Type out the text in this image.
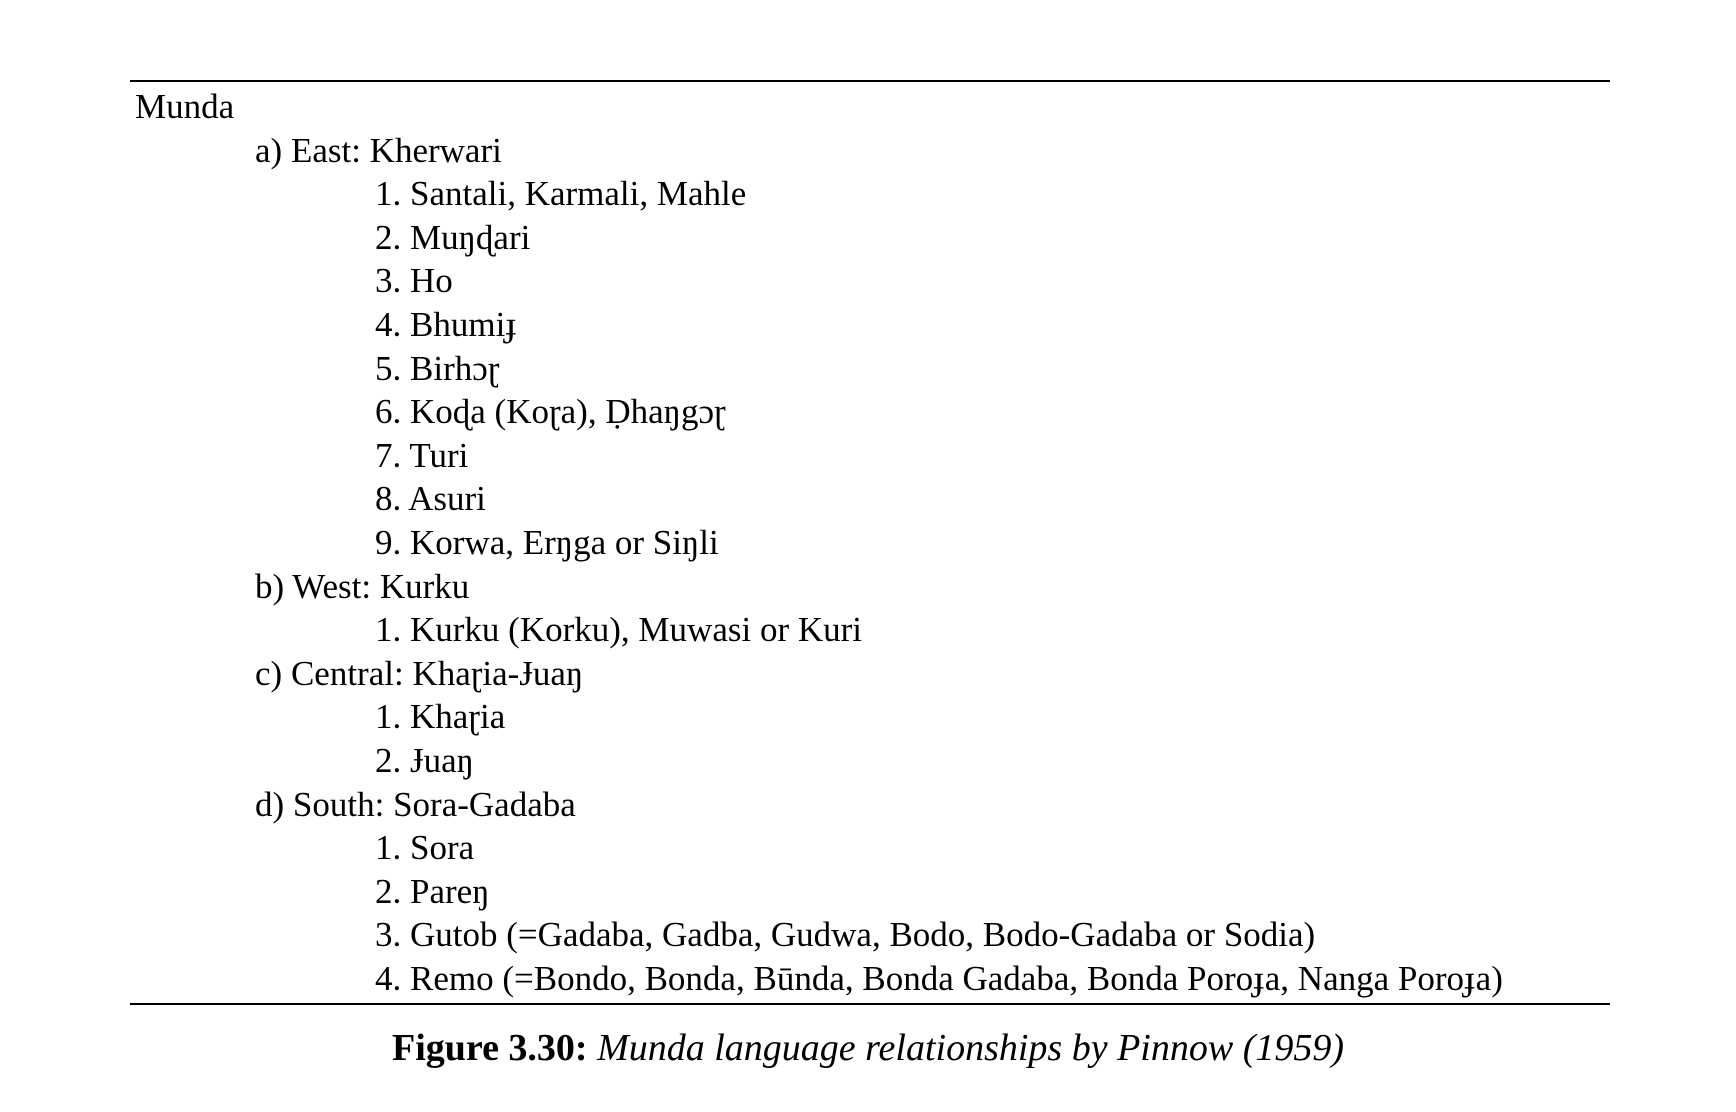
Munda
a) East: Kherwari
1. Santali, Karmali, Mahle
2. Muŋɖari
3. Ho
4. Bhumiɟ
5. Birhɔɽ
6. Koɖa (Koɽa), Ḍhaŋgɔɽ
7. Turi
8. Asuri
9. Korwa, Erŋga or Siŋli
b) West: Kurku
1. Kurku (Korku), Muwasi or Kuri
c) Central: Khaɽia-Ɉuaŋ
1. Khaɽia
2. Ɉuaŋ
d) South: Sora-Gadaba
1. Sora
2. Pareŋ
3. Gutob (=Gadaba, Gadba, Gudwa, Bodo, Bodo-Gadaba or Sodia)
4. Remo (=Bondo, Bonda, Būnda, Bonda Gadaba, Bonda Poroɟa, Nanga Poroɟa)
Figure 3.30: Munda language relationships by Pinnow (1959)
